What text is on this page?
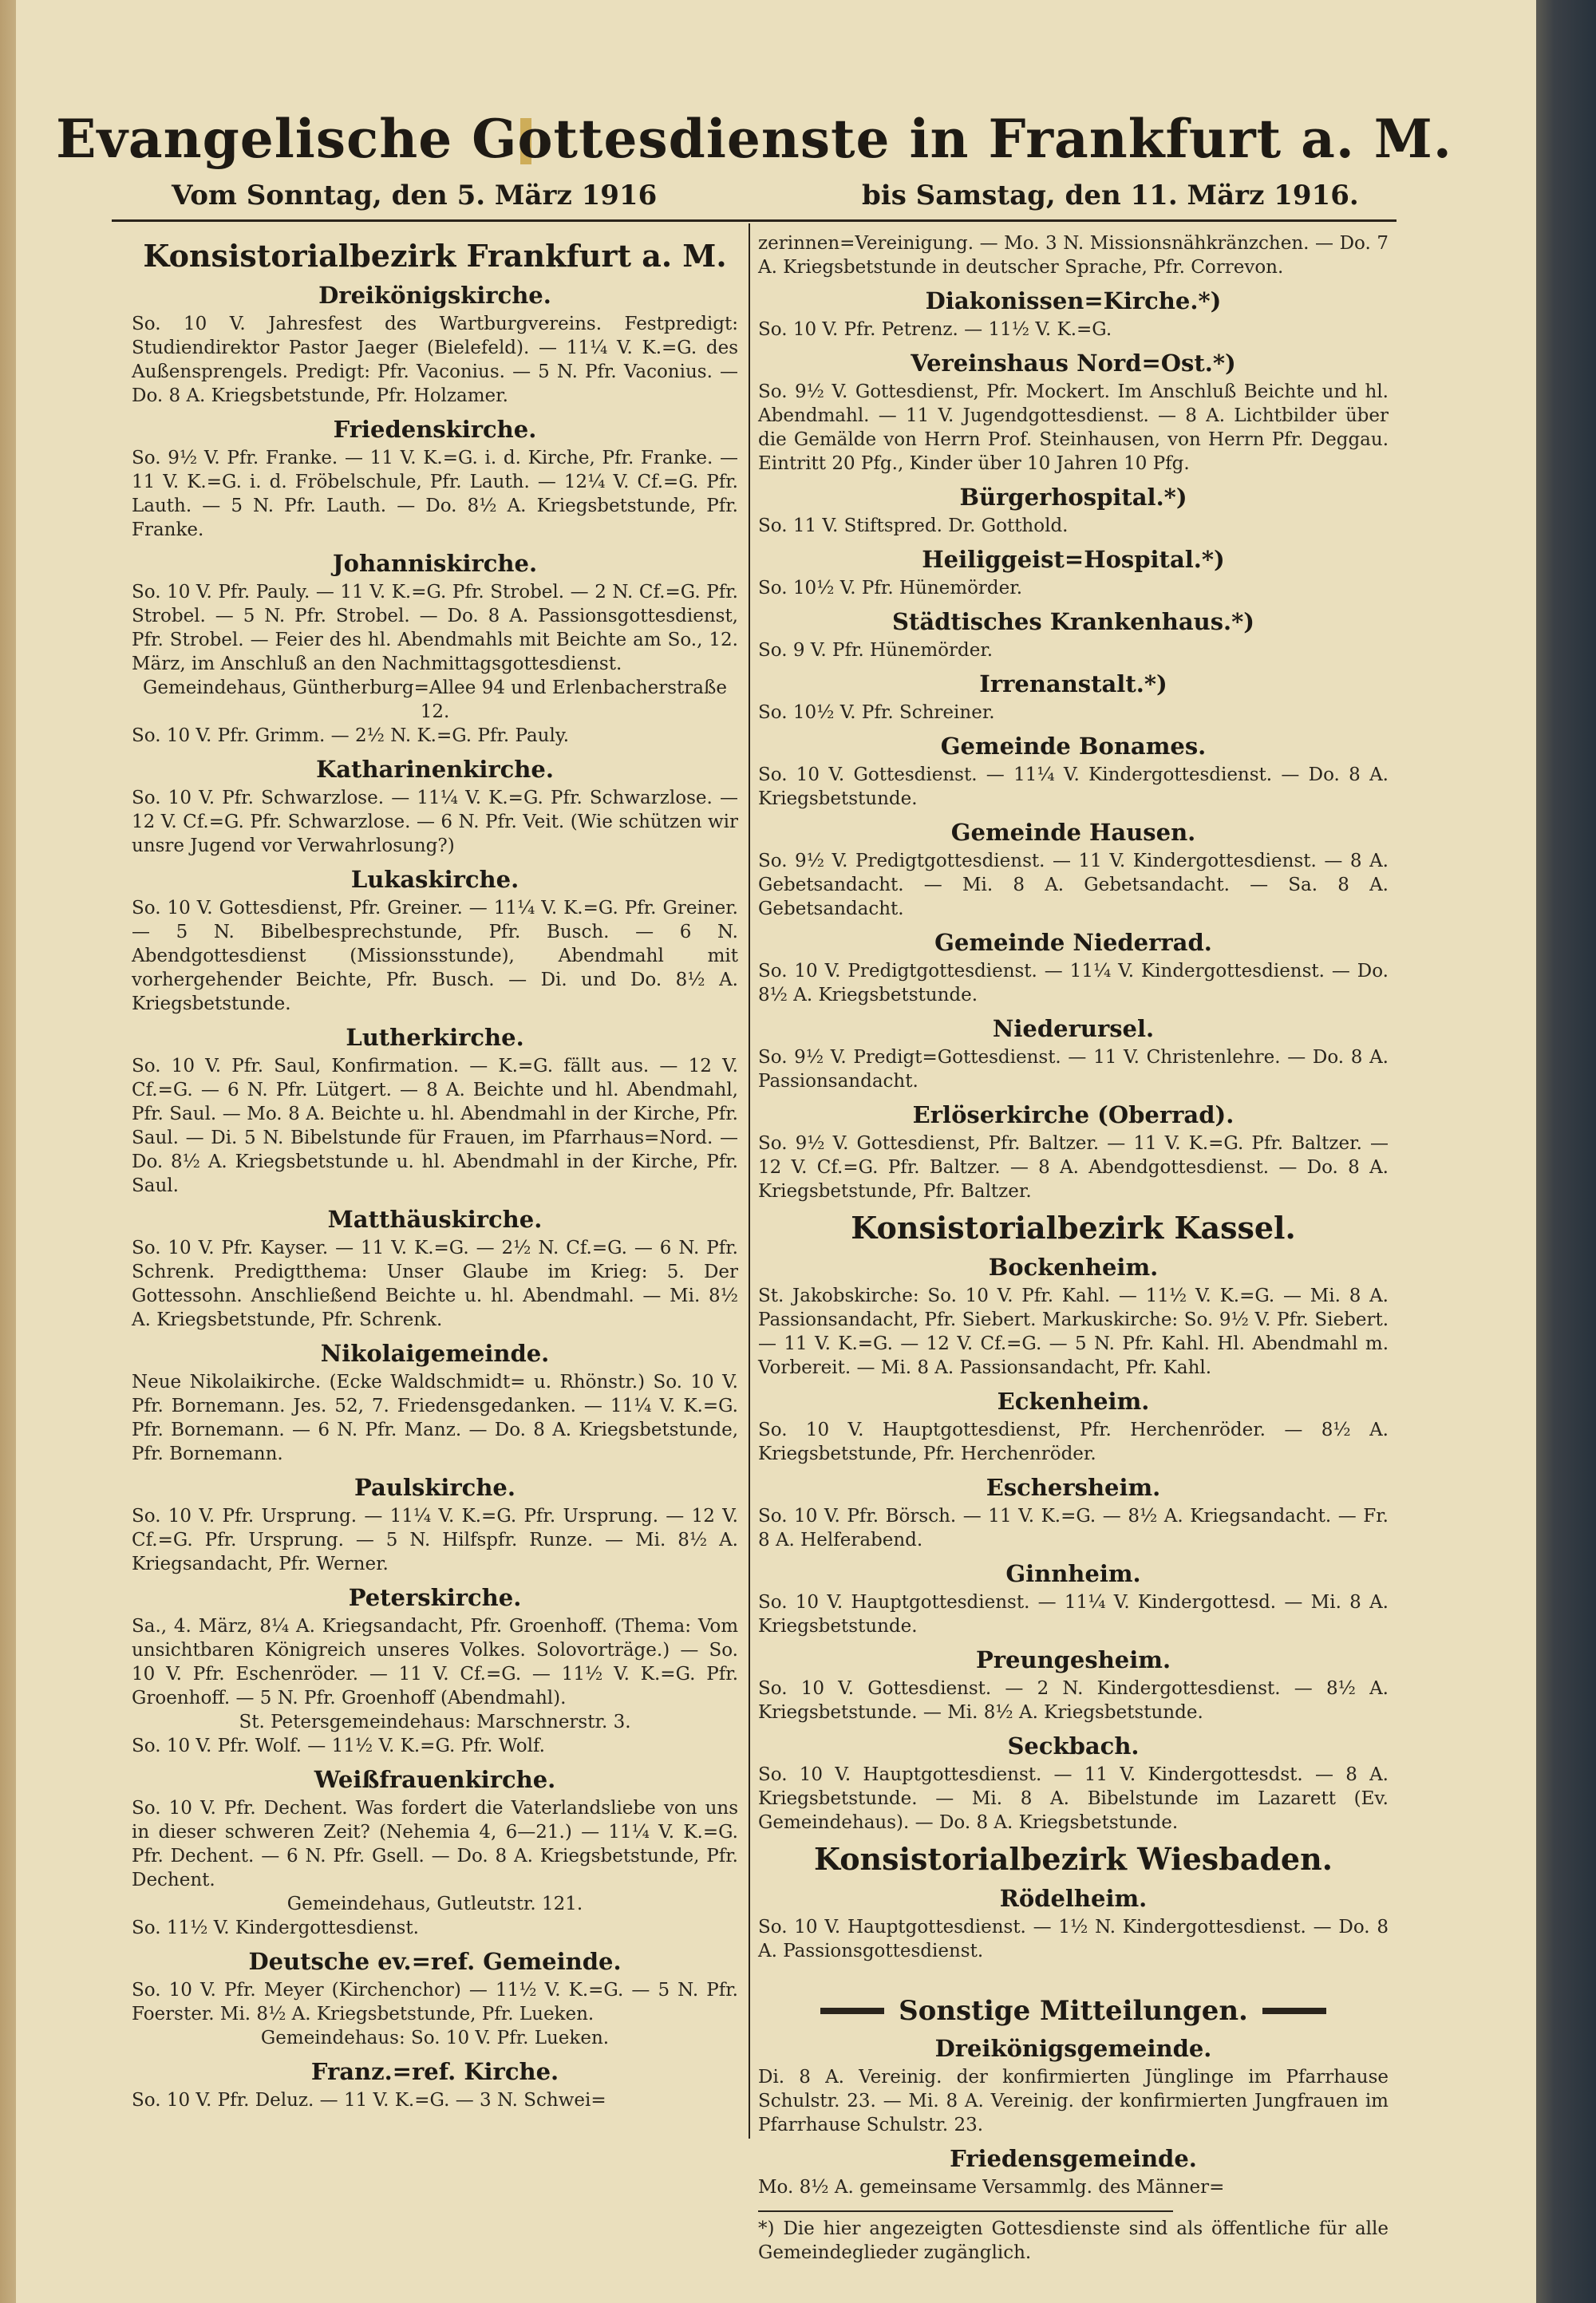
Evangelische Gottesdienste in Frankfurt a. M.
Vom Sonntag, den 5. März 1916	bis Samstag, den 11. März 1916.
Konsistorialbezirk Frankfurt a. M.
Dreikönigskirche.

So. 10 V. Jahresfest des Wartburgvereins. Festpredigt: Studiendirektor Pastor Jaeger (Bielefeld). — 11¼ V. K.=G. des Außensprengels. Predigt: Pfr. Vaconius. — 5 N. Pfr. Vaconius. — Do. 8 A. Kriegsbetstunde, Pfr. Holzamer.

Friedenskirche.

So. 9½ V. Pfr. Franke. — 11 V. K.=G. i. d. Kirche, Pfr. Franke. — 11 V. K.=G. i. d. Fröbelschule, Pfr. Lauth. — 12¼ V. Cf.=G. Pfr. Lauth. — 5 N. Pfr. Lauth. — Do. 8½ A. Kriegsbetstunde, Pfr. Franke.

Johanniskirche.

So. 10 V. Pfr. Pauly. — 11 V. K.=G. Pfr. Strobel. — 2 N. Cf.=G. Pfr. Strobel. — 5 N. Pfr. Strobel. — Do. 8 A. Passionsgottesdienst, Pfr. Strobel. — Feier des hl. Abendmahls mit Beichte am So., 12. März, im Anschluß an den Nachmittagsgottesdienst.

Gemeindehaus, Güntherburg=Allee 94 und Erlenbacherstraße 12.

So. 10 V. Pfr. Grimm. — 2½ N. K.=G. Pfr. Pauly.

Katharinenkirche.

So. 10 V. Pfr. Schwarzlose. — 11¼ V. K.=G. Pfr. Schwarzlose. — 12 V. Cf.=G. Pfr. Schwarzlose. — 6 N. Pfr. Veit. (Wie schützen wir unsre Jugend vor Verwahrlosung?)

Lukaskirche.

So. 10 V. Gottesdienst, Pfr. Greiner. — 11¼ V. K.=G. Pfr. Greiner. — 5 N. Bibelbesprechstunde, Pfr. Busch. — 6 N. Abendgottesdienst (Missionsstunde), Abendmahl mit vorhergehender Beichte, Pfr. Busch. — Di. und Do. 8½ A. Kriegsbetstunde.

Lutherkirche.

So. 10 V. Pfr. Saul, Konfirmation. — K.=G. fällt aus. — 12 V. Cf.=G. — 6 N. Pfr. Lütgert. — 8 A. Beichte und hl. Abendmahl, Pfr. Saul. — Mo. 8 A. Beichte u. hl. Abendmahl in der Kirche, Pfr. Saul. — Di. 5 N. Bibelstunde für Frauen, im Pfarrhaus=Nord. — Do. 8½ A. Kriegsbetstunde u. hl. Abendmahl in der Kirche, Pfr. Saul.

Matthäuskirche.

So. 10 V. Pfr. Kayser. — 11 V. K.=G. — 2½ N. Cf.=G. — 6 N. Pfr. Schrenk. Predigtthema: Unser Glaube im Krieg: 5. Der Gottessohn. Anschließend Beichte u. hl. Abendmahl. — Mi. 8½ A. Kriegsbetstunde, Pfr. Schrenk.

Nikolaigemeinde.

Neue Nikolaikirche. (Ecke Waldschmidt= u. Rhönstr.) So. 10 V. Pfr. Bornemann. Jes. 52, 7. Friedensgedanken. — 11¼ V. K.=G. Pfr. Bornemann. — 6 N. Pfr. Manz. — Do. 8 A. Kriegsbetstunde, Pfr. Bornemann.

Paulskirche.

So. 10 V. Pfr. Ursprung. — 11¼ V. K.=G. Pfr. Ursprung. — 12 V. Cf.=G. Pfr. Ursprung. — 5 N. Hilfspfr. Runze. — Mi. 8½ A. Kriegsandacht, Pfr. Werner.

Peterskirche.

Sa., 4. März, 8¼ A. Kriegsandacht, Pfr. Groenhoff. (Thema: Vom unsichtbaren Königreich unseres Volkes. Solovorträge.) — So. 10 V. Pfr. Eschenröder. — 11 V. Cf.=G. — 11½ V. K.=G. Pfr. Groenhoff. — 5 N. Pfr. Groenhoff (Abendmahl).

St. Petersgemeindehaus: Marschnerstr. 3.

So. 10 V. Pfr. Wolf. — 11½ V. K.=G. Pfr. Wolf.

Weißfrauenkirche.

So. 10 V. Pfr. Dechent. Was fordert die Vaterlandsliebe von uns in dieser schweren Zeit? (Nehemia 4, 6—21.) — 11¼ V. K.=G. Pfr. Dechent. — 6 N. Pfr. Gsell. — Do. 8 A. Kriegsbetstunde, Pfr. Dechent.

Gemeindehaus, Gutleutstr. 121.

So. 11½ V. Kindergottesdienst.

Deutsche ev.=ref. Gemeinde.

So. 10 V. Pfr. Meyer (Kirchenchor) — 11½ V. K.=G. — 5 N. Pfr. Foerster. Mi. 8½ A. Kriegsbetstunde, Pfr. Lueken.

Gemeindehaus: So. 10 V. Pfr. Lueken.

Franz.=ref. Kirche.

So. 10 V. Pfr. Deluz. — 11 V. K.=G. — 3 N. Schwei=

zerinnen=Vereinigung. — Mo. 3 N. Missionsnähkränzchen. — Do. 7 A. Kriegsbetstunde in deutscher Sprache, Pfr. Correvon.

Diakonissen=Kirche.*)

So. 10 V. Pfr. Petrenz. — 11½ V. K.=G.

Vereinshaus Nord=Ost.*)

So. 9½ V. Gottesdienst, Pfr. Mockert. Im Anschluß Beichte und hl. Abendmahl. — 11 V. Jugendgottesdienst. — 8 A. Lichtbilder über die Gemälde von Herrn Prof. Steinhausen, von Herrn Pfr. Deggau. Eintritt 20 Pfg., Kinder über 10 Jahren 10 Pfg.

Bürgerhospital.*)

So. 11 V. Stiftspred. Dr. Gotthold.

Heiliggeist=Hospital.*)

So. 10½ V. Pfr. Hünemörder.

Städtisches Krankenhaus.*)

So. 9 V. Pfr. Hünemörder.

Irrenanstalt.*)

So. 10½ V. Pfr. Schreiner.

Gemeinde Bonames.

So. 10 V. Gottesdienst. — 11¼ V. Kindergottesdienst. — Do. 8 A. Kriegsbetstunde.

Gemeinde Hausen.

So. 9½ V. Predigtgottesdienst. — 11 V. Kindergottesdienst. — 8 A. Gebetsandacht. — Mi. 8 A. Gebetsandacht. — Sa. 8 A. Gebetsandacht.

Gemeinde Niederrad.

So. 10 V. Predigtgottesdienst. — 11¼ V. Kindergottesdienst. — Do. 8½ A. Kriegsbetstunde.

Niederursel.

So. 9½ V. Predigt=Gottesdienst. — 11 V. Christenlehre. — Do. 8 A. Passionsandacht.

Erlöserkirche (Oberrad).

So. 9½ V. Gottesdienst, Pfr. Baltzer. — 11 V. K.=G. Pfr. Baltzer. — 12 V. Cf.=G. Pfr. Baltzer. — 8 A. Abendgottesdienst. — Do. 8 A. Kriegsbetstunde, Pfr. Baltzer.

Konsistorialbezirk Kassel.
Bockenheim.

St. Jakobskirche: So. 10 V. Pfr. Kahl. — 11½ V. K.=G. — Mi. 8 A. Passionsandacht, Pfr. Siebert. Markuskirche: So. 9½ V. Pfr. Siebert. — 11 V. K.=G. — 12 V. Cf.=G. — 5 N. Pfr. Kahl. Hl. Abendmahl m. Vorbereit. — Mi. 8 A. Passionsandacht, Pfr. Kahl.

Eckenheim.

So. 10 V. Hauptgottesdienst, Pfr. Herchenröder. — 8½ A. Kriegsbetstunde, Pfr. Herchenröder.

Eschersheim.

So. 10 V. Pfr. Börsch. — 11 V. K.=G. — 8½ A. Kriegsandacht. — Fr. 8 A. Helferabend.

Ginnheim.

So. 10 V. Hauptgottesdienst. — 11¼ V. Kindergottesd. — Mi. 8 A. Kriegsbetstunde.

Preungesheim.

So. 10 V. Gottesdienst. — 2 N. Kindergottesdienst. — 8½ A. Kriegsbetstunde. — Mi. 8½ A. Kriegsbetstunde.

Seckbach.

So. 10 V. Hauptgottesdienst. — 11 V. Kindergottesdst. — 8 A. Kriegsbetstunde. — Mi. 8 A. Bibelstunde im Lazarett (Ev. Gemeindehaus). — Do. 8 A. Kriegsbetstunde.

Konsistorialbezirk Wiesbaden.
Rödelheim.

So. 10 V. Hauptgottesdienst. — 1½ N. Kindergottesdienst. — Do. 8 A. Passionsgottesdienst.

Sonstige Mitteilungen.
Dreikönigsgemeinde.

Di. 8 A. Vereinig. der konfirmierten Jünglinge im Pfarrhause Schulstr. 23. — Mi. 8 A. Vereinig. der konfirmierten Jungfrauen im Pfarrhause Schulstr. 23.

Friedensgemeinde.

Mo. 8½ A. gemeinsame Versammlg. des Männer=

*) Die hier angezeigten Gottesdienste sind als öffentliche für alle Gemeindeglieder zugänglich.
